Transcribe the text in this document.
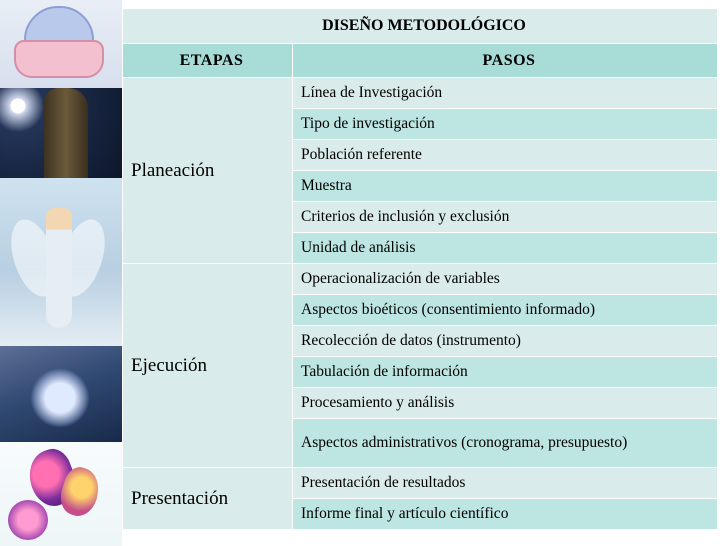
DISEÑO METODOLÓGICO	
ETAPAS	PASOS
Planeación	Línea de Investigación
	Tipo de investigación
	Población referente
	Muestra
	Criterios de inclusión y exclusión
	Unidad de análisis
Ejecución	Operacionalización de variables
	Aspectos bioéticos (consentimiento informado)
	Recolección de datos (instrumento)
	Tabulación de información
	Procesamiento y análisis
	Aspectos administrativos (cronograma, presupuesto)
Presentación	Presentación de resultados
	Informe final y artículo científico
